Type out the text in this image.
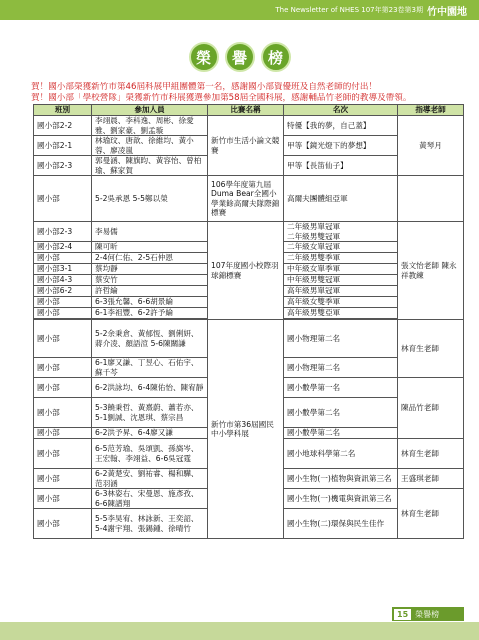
The Newsletter of NHES 107年第23卷第3期 竹中園地
榮	譽	榜

賀！國小部榮獲新竹市第46屆科展甲組團體第一名，感謝國小部資優班及自然老師的付出！

賀！國小部「學校營隊」榮獲新竹市科展獲選參加第58屆全國科展，感謝輔品竹老師的教導及帶領。

班別	參加人員	比賽名稱	名次	指導老師
國小部2-2	李翊晨、李科逸、周彬、徐愛雅、劉家豪、劉孟璇	新竹市生活小論文競賽	特優【我的夢，自己蓋】	黃琴月
國小部2-1	林瑜玟、唐歆、徐維均、黃小蓉、廖凌嵐		甲等【鏡光燈下的夢想】	
國小部2-3	郭曼涵、陳旗昀、黃容怡、曾柏瑜、蘇家賀		甲等【長笛仙子】	
國小部	5-2吳承恩 5-5鄭以榮	106學年度第九屆Duma Bear全國小學業餘高爾夫隊際錦標賽	高爾夫團體組亞軍	
國小部2-3	李易儒	107年度國小校際羽球錦標賽	二年級男單冠軍
二年級男雙冠軍	張文怡老師 陳永祥教練
國小部2-4	陳可昕		二年級女單冠軍	
國小部	2-4何仁佑、2-5石仲恩		二年級男雙季軍	
國小部3-1	蔡均靜		中年級女單季軍	
國小部4-3	蔡安竹		中年級男雙冠軍	
國小部6-2	許哲綸		高年級男單冠軍	
國小部	6-3張允馨、6-6胡景綸		高年級女雙季軍	
國小部	6-1李祖豐、6-2許予綸		高年級男雙亞軍	

國小部	5-2余秉倉、黃郁恆、劉俐妍、蔣介凌、顏語渲 5-6陳關謙	新竹市第36屆國民中小學科展	國小物理第二名	林育生老師
國小部	6-1廖又謙、丁昱心、石佑宇、蘇千芩		國小物理第二名	
國小部	6-2洪詠均、6-4陳佑怡、陳宥靜		國小數學第一名	陳品竹老師
國小部	5-3饒秉哲、黃熹蔚、蕭若亦、5-1劉誠、沈恩琪、蔡宗昌		國小數學第二名	
國小部	6-2洪予昇、6-4廖又謙		國小數學第二名	
國小部	6-5范芳瑜、吳頌凱、孫旖岑、王宏翰、李翊益、6-6吳冠霆		國小地球科學第二名	林育生老師
國小部	6-2黃楚安、劉祐睿、楊和驊、范羽涵		國小生物(一)植物與資訊第三名	王盛琪老師
國小部	6-3林姿右、宋曼恩、施彥孜、6-6陳譜翔		國小生物(一)機電與資訊第三名	林育生老師
國小部	5-5李昊宥、林詠新、王奕詔、5-4謝宇翔、張錫鍾、徐晴竹		國小生物(二)環保與民生佳作	
15 榮譽榜
